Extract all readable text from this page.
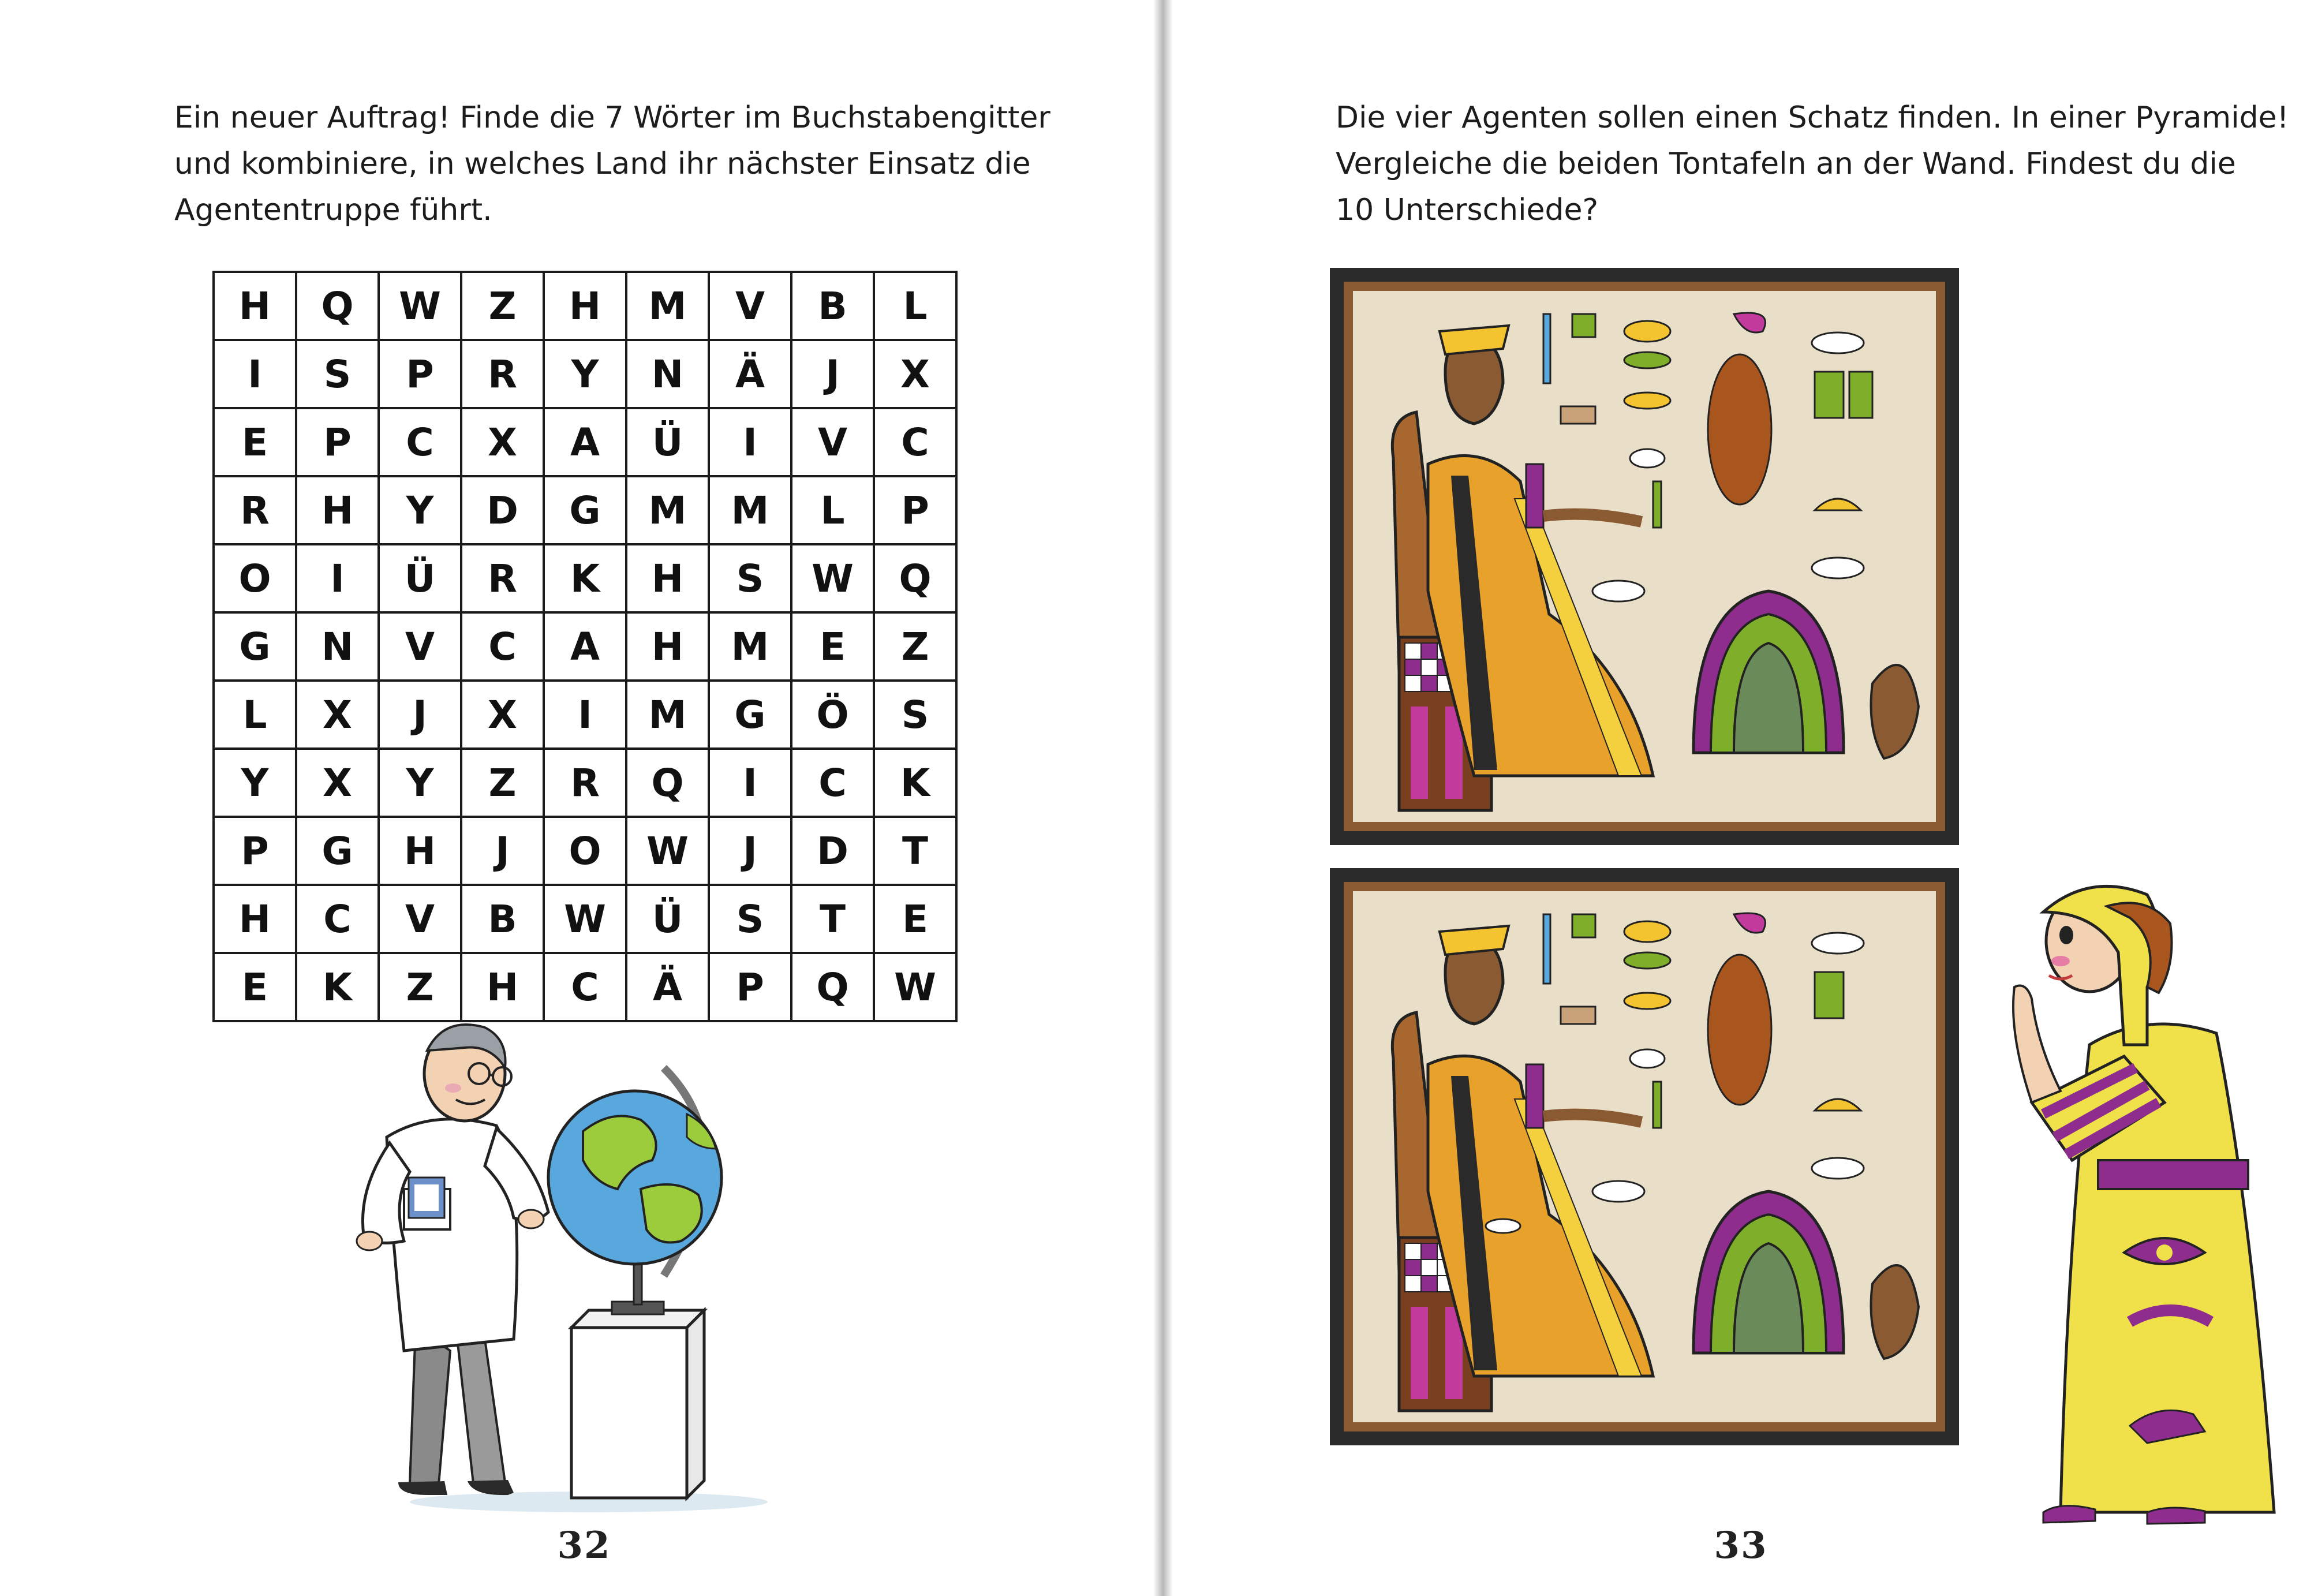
Ein neuer Auftrag! Finde die 7 Wörter im Buchstabengitter
und kombiniere, in welches Land ihr nächster Einsatz die
Agententruppe führt.

H	Q	W	Z	H	M	V	B	L
I	S	P	R	Y	N	Ä	J	X
E	P	C	X	A	Ü	I	V	C
R	H	Y	D	G	M	M	L	P
O	I	Ü	R	K	H	S	W	Q
G	N	V	C	A	H	M	E	Z
L	X	J	X	I	M	G	Ö	S
Y	X	Y	Z	R	Q	I	C	K
P	G	H	J	O	W	J	D	T
H	C	V	B	W	Ü	S	T	E
E	K	Z	H	C	Ä	P	Q	W
32

Die vier Agenten sollen einen Schatz finden. In einer Pyramide!
Vergleiche die beiden Tontafeln an der Wand. Findest du die
10 Unterschiede?

33
